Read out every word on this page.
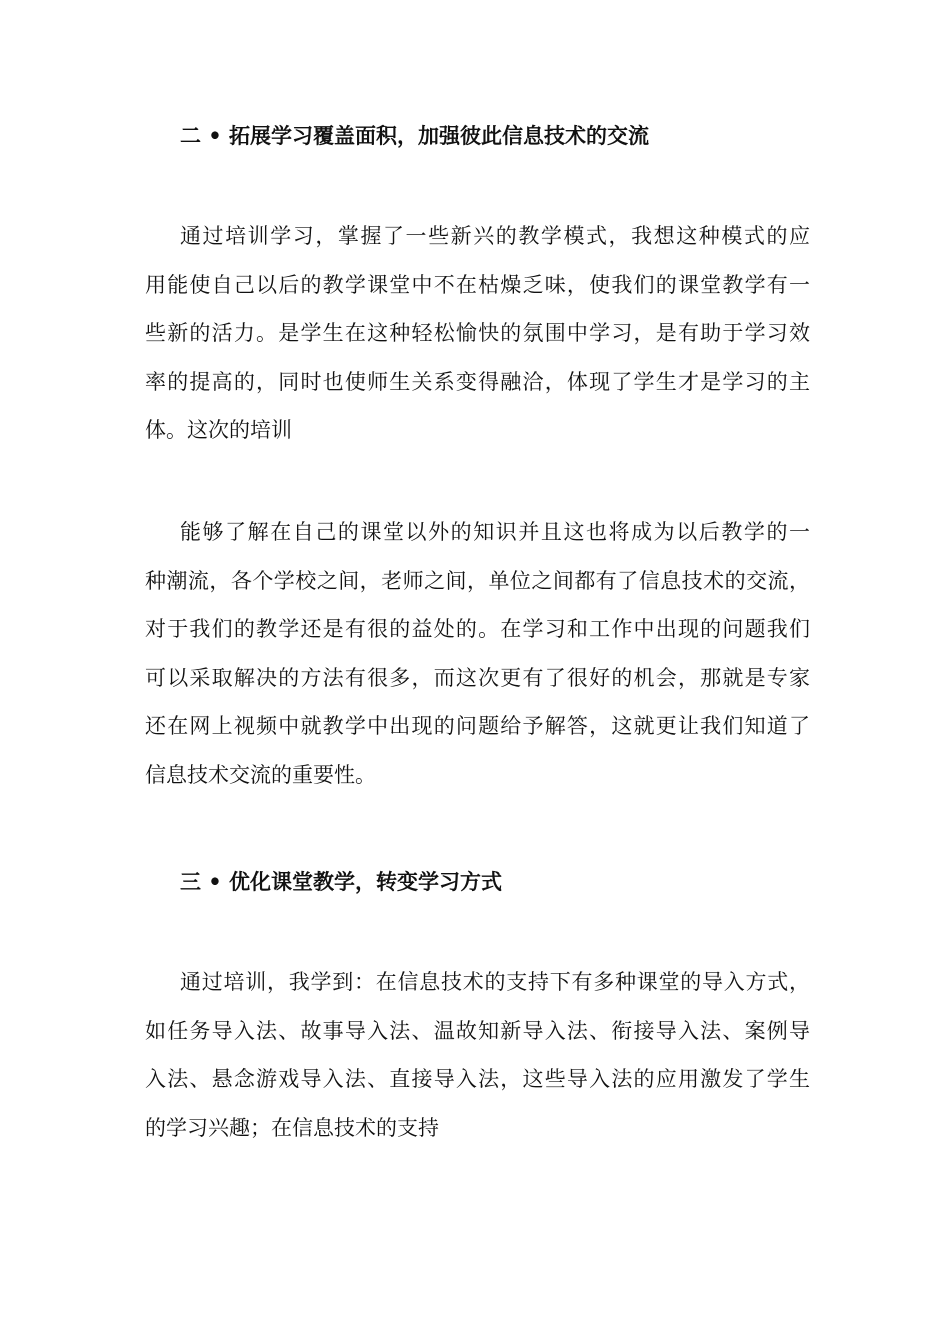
二 • 拓展学习覆盖面积，加强彼此信息技术的交流
通过培训学习，掌握了一些新兴的教学模式，我想这种模式的应
用能使自己以后的教学课堂中不在枯燥乏味，使我们的课堂教学有一
些新的活力。是学生在这种轻松愉快的氛围中学习，是有助于学习效
率的提高的，同时也使师生关系变得融洽，体现了学生才是学习的主
体。这次的培训
能够了解在自己的课堂以外的知识并且这也将成为以后教学的一
种潮流，各个学校之间，老师之间，单位之间都有了信息技术的交流，
对于我们的教学还是有很的益处的。在学习和工作中出现的问题我们
可以采取解决的方法有很多，而这次更有了很好的机会，那就是专家
还在网上视频中就教学中出现的问题给予解答，这就更让我们知道了
信息技术交流的重要性。
三 • 优化课堂教学，转变学习方式
通过培训，我学到：在信息技术的支持下有多种课堂的导入方式，
如任务导入法、故事导入法、温故知新导入法、衔接导入法、案例导
入法、悬念游戏导入法、直接导入法，这些导入法的应用激发了学生
的学习兴趣；在信息技术的支持
